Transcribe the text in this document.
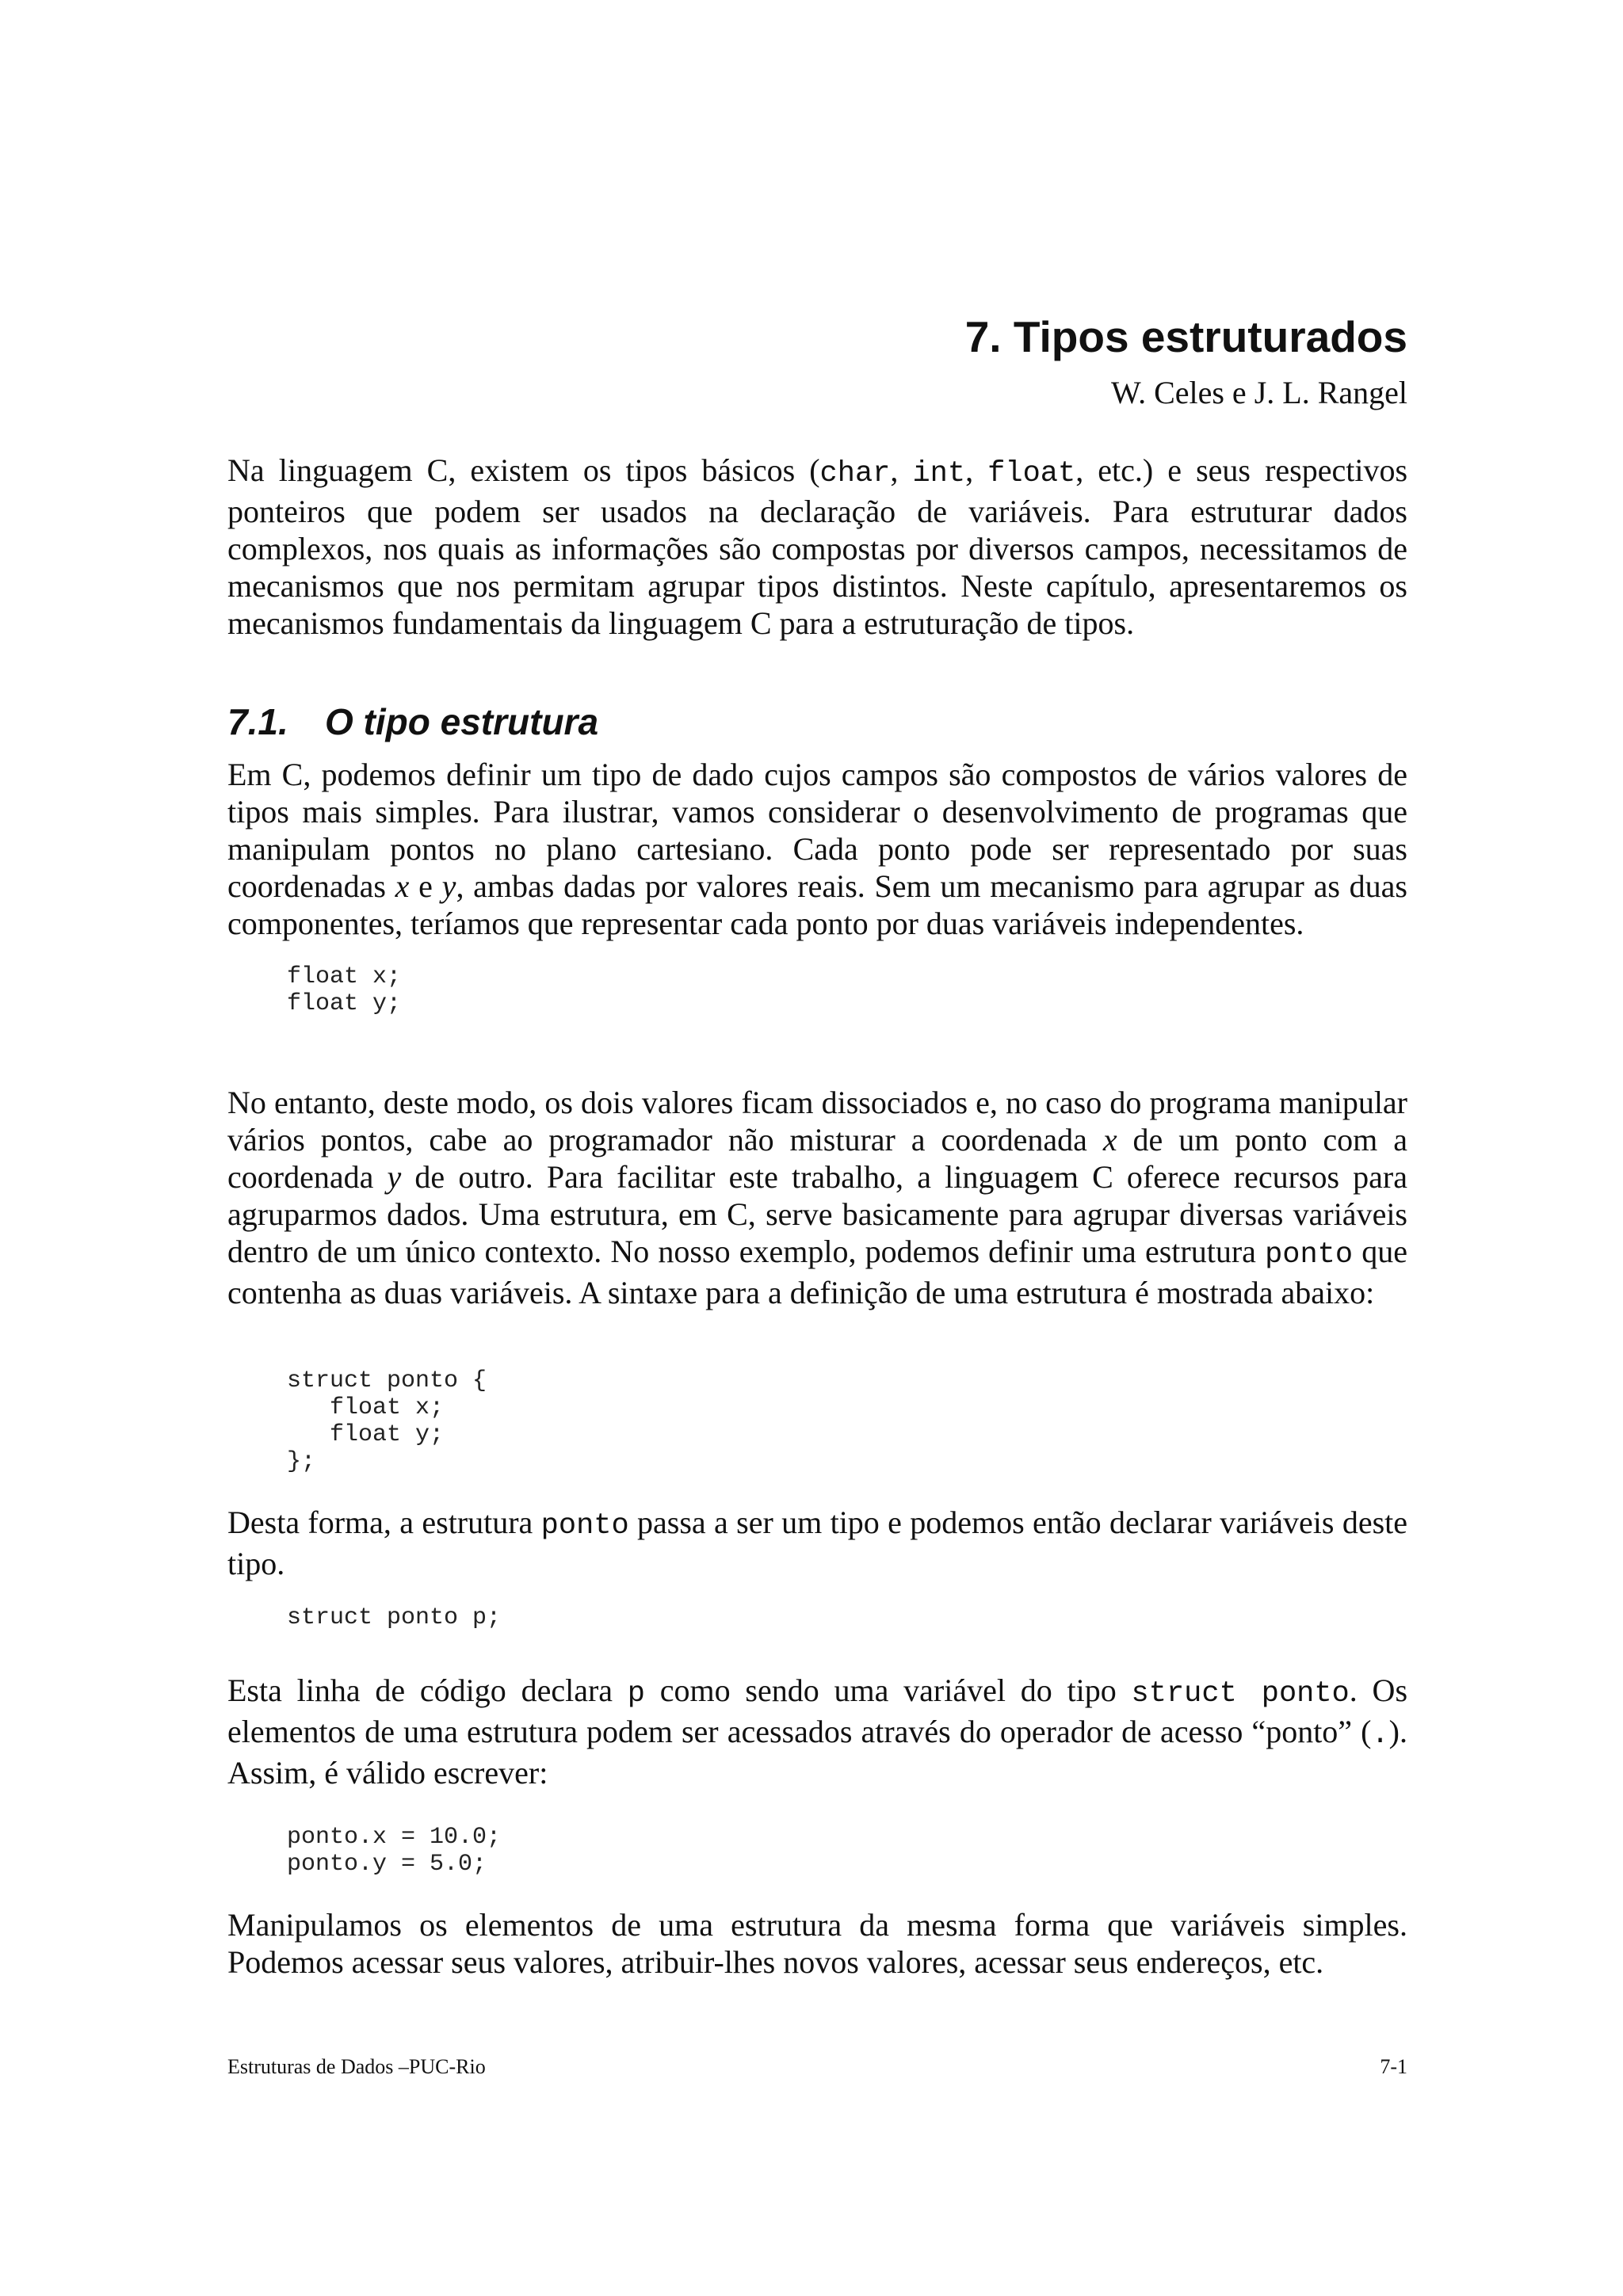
7. Tipos estruturados
W. Celes e J. L. Rangel

Na linguagem C, existem os tipos básicos (char, int, float, etc.) e seus respectivos ponteiros que podem ser usados na declaração de variáveis. Para estruturar dados complexos, nos quais as informações são compostas por diversos campos, necessitamos de mecanismos que nos permitam agrupar tipos distintos. Neste capítulo, apresentaremos os mecanismos fundamentais da linguagem C para a estruturação de tipos.

7.1. O tipo estrutura

Em C, podemos definir um tipo de dado cujos campos são compostos de vários valores de tipos mais simples. Para ilustrar, vamos considerar o desenvolvimento de programas que manipulam pontos no plano cartesiano. Cada ponto pode ser representado por suas coordenadas x e y, ambas dadas por valores reais. Sem um mecanismo para agrupar as duas componentes, teríamos que representar cada ponto por duas variáveis independentes.

float x;
float y;

No entanto, deste modo, os dois valores ficam dissociados e, no caso do programa manipular vários pontos, cabe ao programador não misturar a coordenada x de um ponto com a coordenada y de outro. Para facilitar este trabalho, a linguagem C oferece recursos para agruparmos dados. Uma estrutura, em C, serve basicamente para agrupar diversas variáveis dentro de um único contexto. No nosso exemplo, podemos definir uma estrutura ponto que contenha as duas variáveis. A sintaxe para a definição de uma estrutura é mostrada abaixo:

struct ponto {
float x;
float y;
};

Desta forma, a estrutura ponto passa a ser um tipo e podemos então declarar variáveis deste tipo.

struct ponto p;

Esta linha de código declara p como sendo uma variável do tipo struct ponto. Os elementos de uma estrutura podem ser acessados através do operador de acesso “ponto” (.). Assim, é válido escrever:

ponto.x = 10.0;
ponto.y = 5.0;

Manipulamos os elementos de uma estrutura da mesma forma que variáveis simples. Podemos acessar seus valores, atribuir-lhes novos valores, acessar seus endereços, etc.

Estruturas de Dados –PUC-Rio	7-1
